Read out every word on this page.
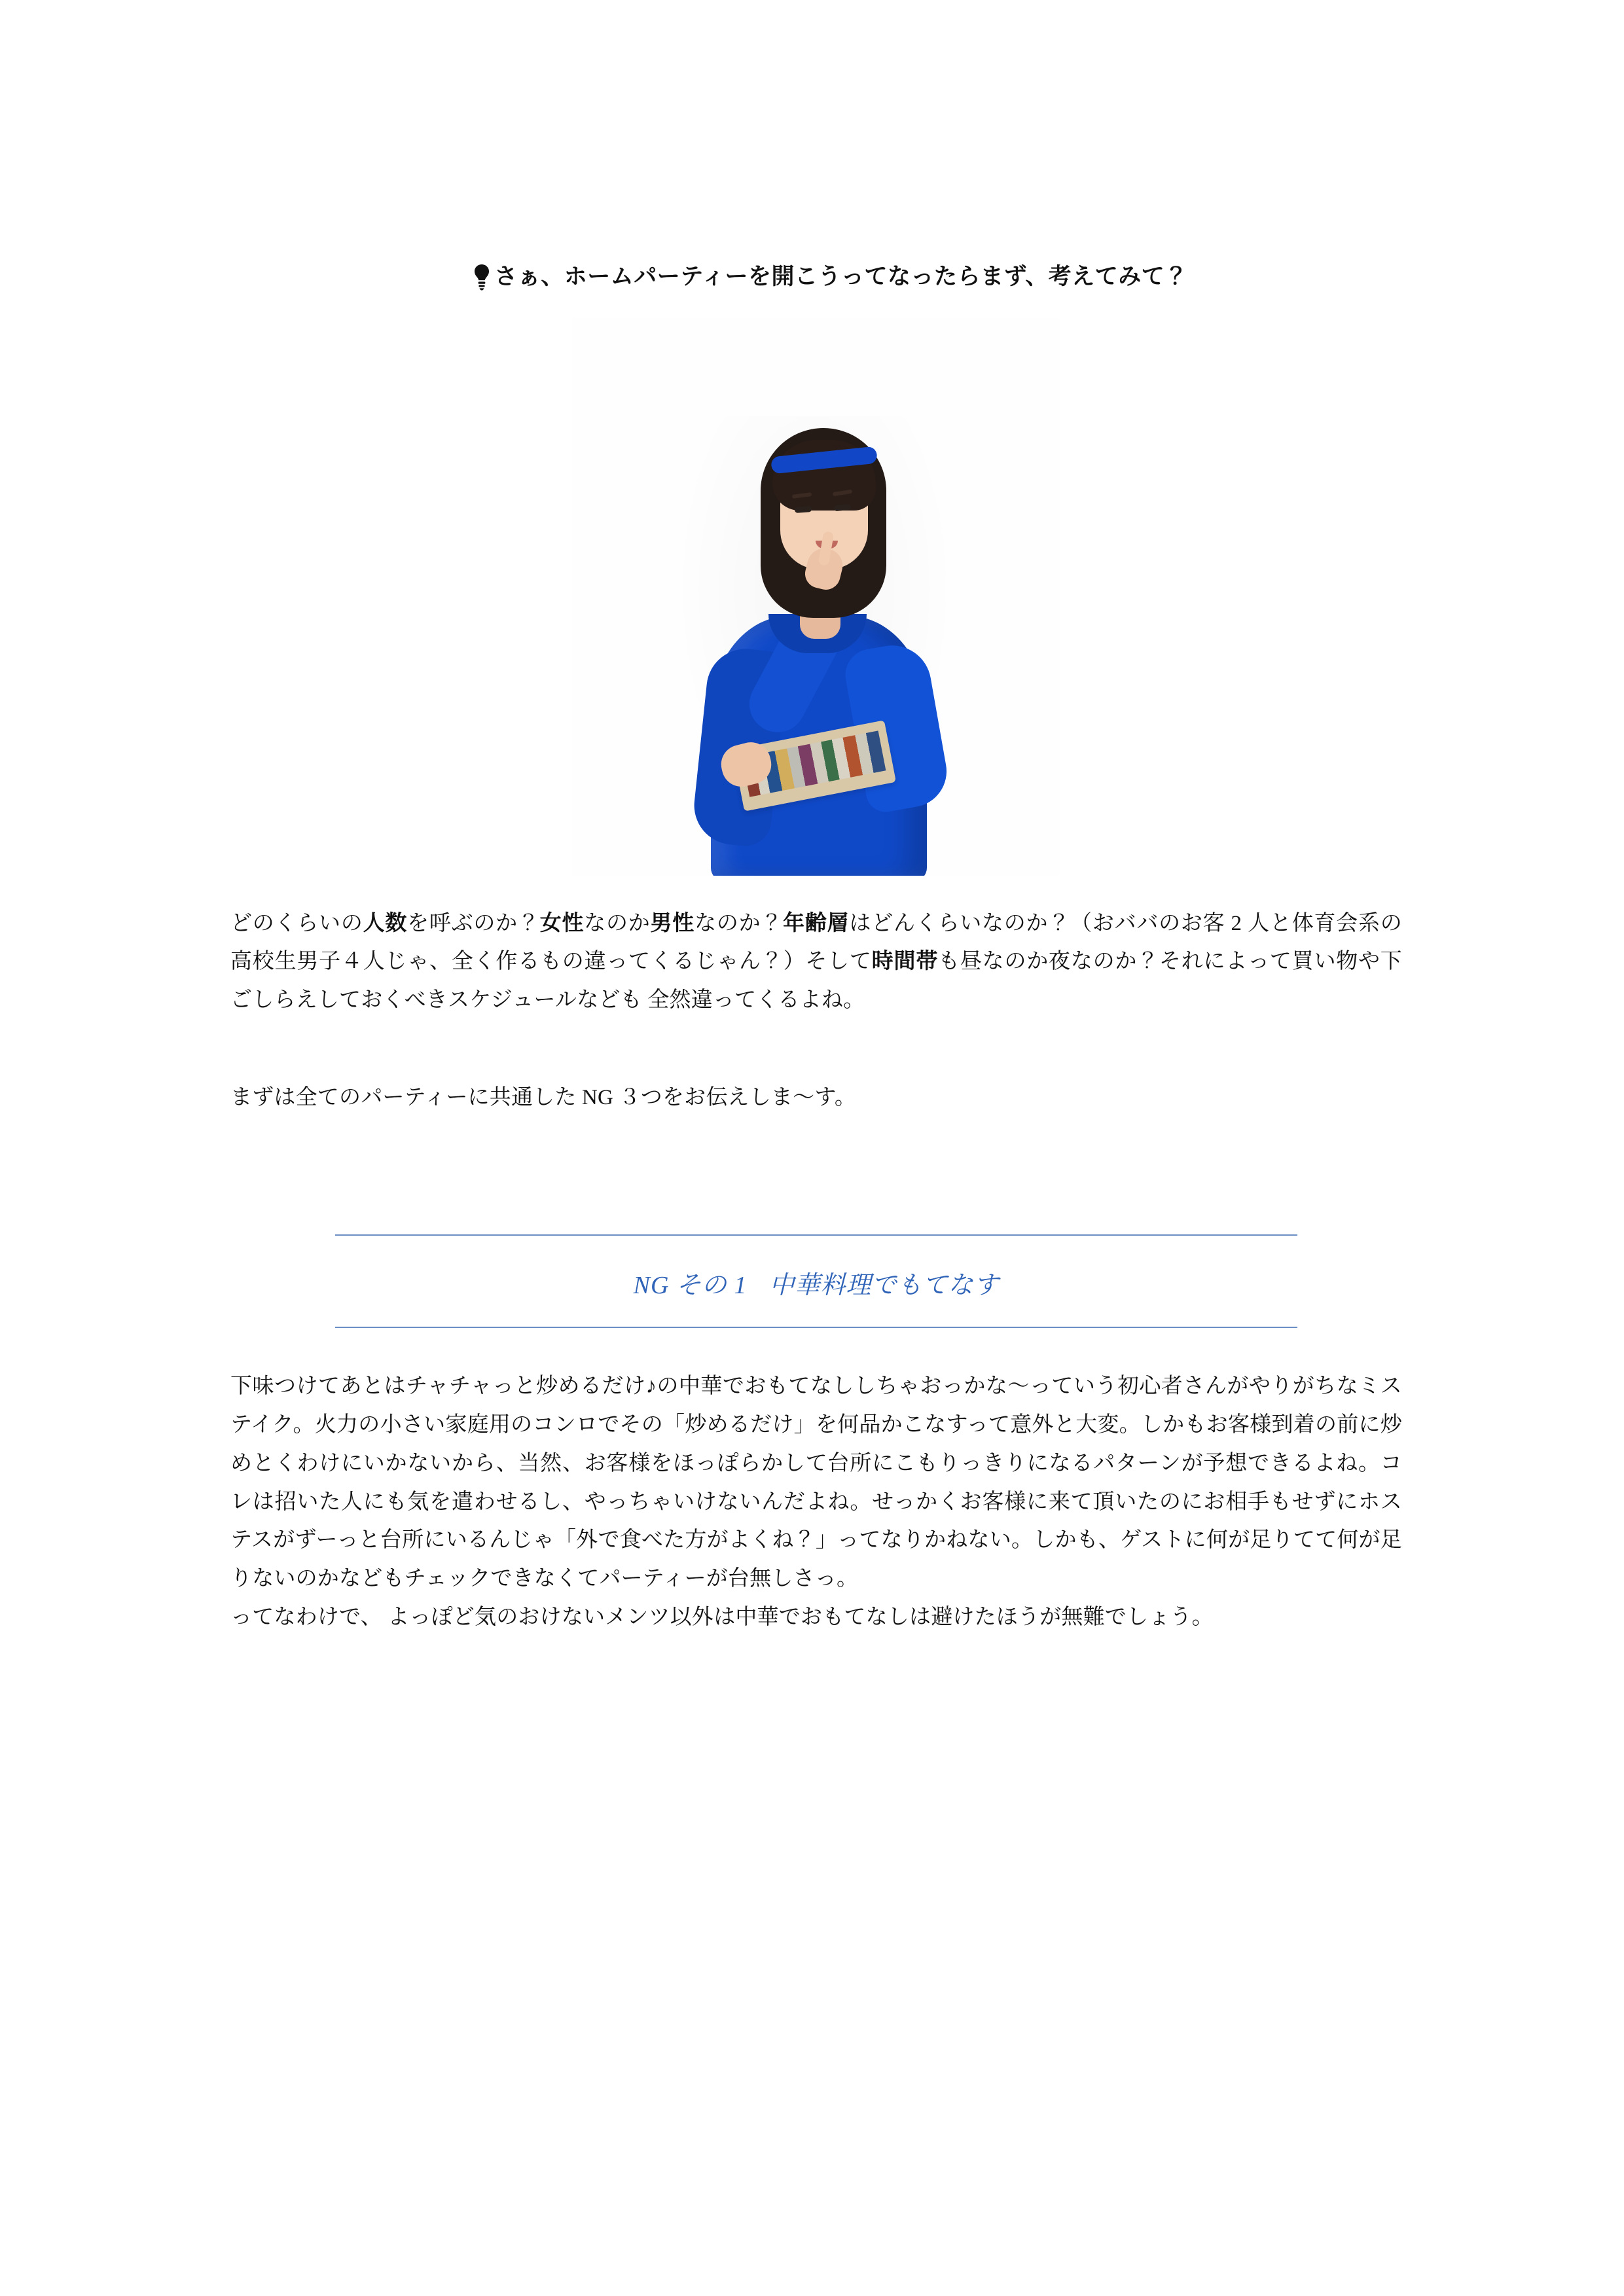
さぁ、ホームパーティーを開こうってなったらまず、考えてみて？

どのくらいの人数を呼ぶのか？女性なのか男性なのか？年齢層はどんくらいなのか？（おババのお客 2 人と体育会系の高校生男子４人じゃ、全く作るもの違ってくるじゃん？）そして時間帯も昼なのか夜なのか？それによって買い物や下ごしらえしておくべきスケジュールなども 全然違ってくるよね。

まずは全てのパーティーに共通した NG ３つをお伝えしま〜す。

NG その 1 中華料理でもてなす

下味つけてあとはチャチャっと炒めるだけ♪の中華でおもてなししちゃおっかな〜っていう初心者さんがやりがちなミステイク。火力の小さい家庭用のコンロでその「炒めるだけ」を何品かこなすって意外と大変。しかもお客様到着の前に炒めとくわけにいかないから、当然、お客様をほっぽらかして台所にこもりっきりになるパターンが予想できるよね。コレは招いた人にも気を遣わせるし、やっちゃいけないんだよね。せっかくお客様に来て頂いたのにお相手もせずにホステスがずーっと台所にいるんじゃ「外で食べた方がよくね？」ってなりかねない。しかも、ゲストに何が足りてて何が足りないのかなどもチェックできなくてパーティーが台無しさっ。

ってなわけで、 よっぽど気のおけないメンツ以外は中華でおもてなしは避けたほうが無難でしょう。
